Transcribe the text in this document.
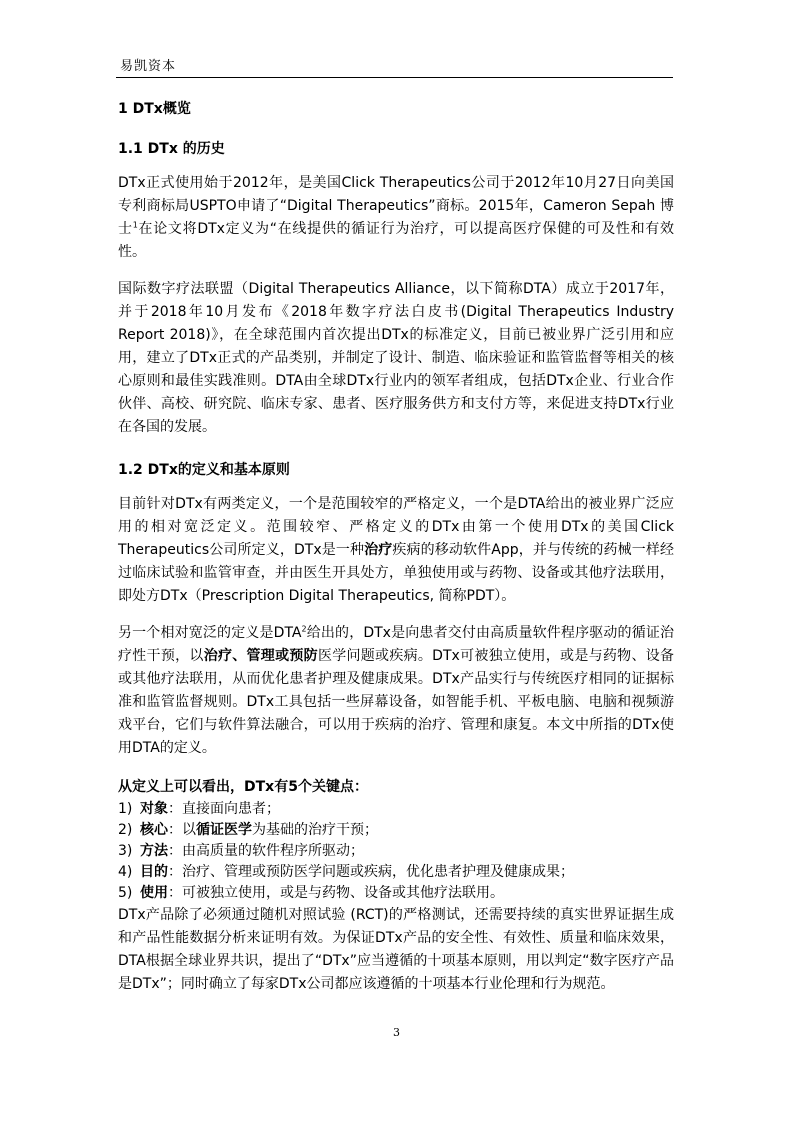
易凯资本
1 DTx概览
1.1 DTx 的历史

DTx正式使用始于2012年，是美国Click Therapeutics公司于2012年10月27日向美国专利商标局USPTO申请了“Digital Therapeutics”商标。2015年，Cameron Sepah 博士$^1$在论文将DTx定义为“在线提供的循证行为治疗，可以提高医疗保健的可及性和有效性。

国际数字疗法联盟（Digital Therapeutics Alliance，以下简称DTA）成立于2017年，并于2018年10月发布《2018年数字疗法白皮书(Digital Therapeutics Industry Report 2018)》，在全球范围内首次提出DTx的标准定义，目前已被业界广泛引用和应用，建立了DTx正式的产品类别，并制定了设计、制造、临床验证和监管监督等相关的核心原则和最佳实践准则。DTA由全球DTx行业内的领军者组成，包括DTx企业、行业合作伙伴、高校、研究院、临床专家、患者、医疗服务供方和支付方等，来促进支持DTx行业在各国的发展。

1.2 DTx的定义和基本原则

目前针对DTx有两类定义，一个是范围较窄的严格定义，一个是DTA给出的被业界广泛应用的相对宽泛定义。范围较窄、严格定义的DTx由第一个使用DTx的美国Click Therapeutics公司所定义，DTx是一种治疗疾病的移动软件App，并与传统的药械一样经过临床试验和监管审查，并由医生开具处方，单独使用或与药物、设备或其他疗法联用，即处方DTx（Prescription Digital Therapeutics, 简称PDT）。

另一个相对宽泛的定义是DTA$^2$给出的，DTx是向患者交付由高质量软件程序驱动的循证治疗性干预，以治疗、管理或预防医学问题或疾病。DTx可被独立使用，或是与药物、设备或其他疗法联用，从而优化患者护理及健康成果。DTx产品实行与传统医疗相同的证据标准和监管监督规则。DTx工具包括一些屏幕设备，如智能手机、平板电脑、电脑和视频游戏平台，它们与软件算法融合，可以用于疾病的治疗、管理和康复。本文中所指的DTx使用DTA的定义。

从定义上可以看出，DTx有5个关键点：
1) 对象：直接面向患者；
2) 核心：以循证医学为基础的治疗干预；
3) 方法：由高质量的软件程序所驱动；
4) 目的：治疗、管理或预防医学问题或疾病，优化患者护理及健康成果；
5) 使用：可被独立使用，或是与药物、设备或其他疗法联用。

DTx产品除了必须通过随机对照试验 (RCT)的严格测试，还需要持续的真实世界证据生成和产品性能数据分析来证明有效。为保证DTx产品的安全性、有效性、质量和临床效果，DTA根据全球业界共识，提出了“DTx”应当遵循的十项基本原则，用以判定“数字医疗产品是DTx”；同时确立了每家DTx公司都应该遵循的十项基本行业伦理和行为规范。

3
